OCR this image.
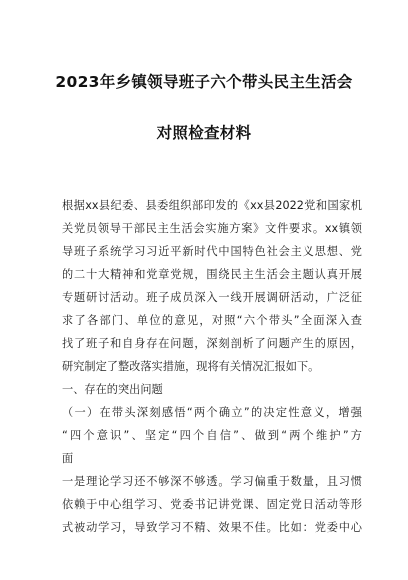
2023年乡镇领导班子六个带头民主生活会
对照检查材料
根据xx县纪委、县委组织部印发的《xx县2022党和国家机
关党员领导干部民主生活会实施方案》文件要求。xx镇领
导班子系统学习习近平新时代中国特色社会主义思想、党
的二十大精神和党章党规，围绕民主生活会主题认真开展
专题研讨活动。班子成员深入一线开展调研活动，广泛征
求了各部门、单位的意见，对照“六个带头”全面深入查
找了班子和自身存在问题，深刻剖析了问题产生的原因，
研究制定了整改落实措施，现将有关情况汇报如下。
一、存在的突出问题
（一）在带头深刻感悟“两个确立”的决定性意义，增强
“四个意识”、坚定“四个自信”、做到“两个维护”方
面
一是理论学习还不够深不够透。学习偏重于数量，且习惯
依赖于中心组学习、党委书记讲党课、固定党日活动等形
式被动学习，导致学习不精、效果不佳。比如：党委中心
